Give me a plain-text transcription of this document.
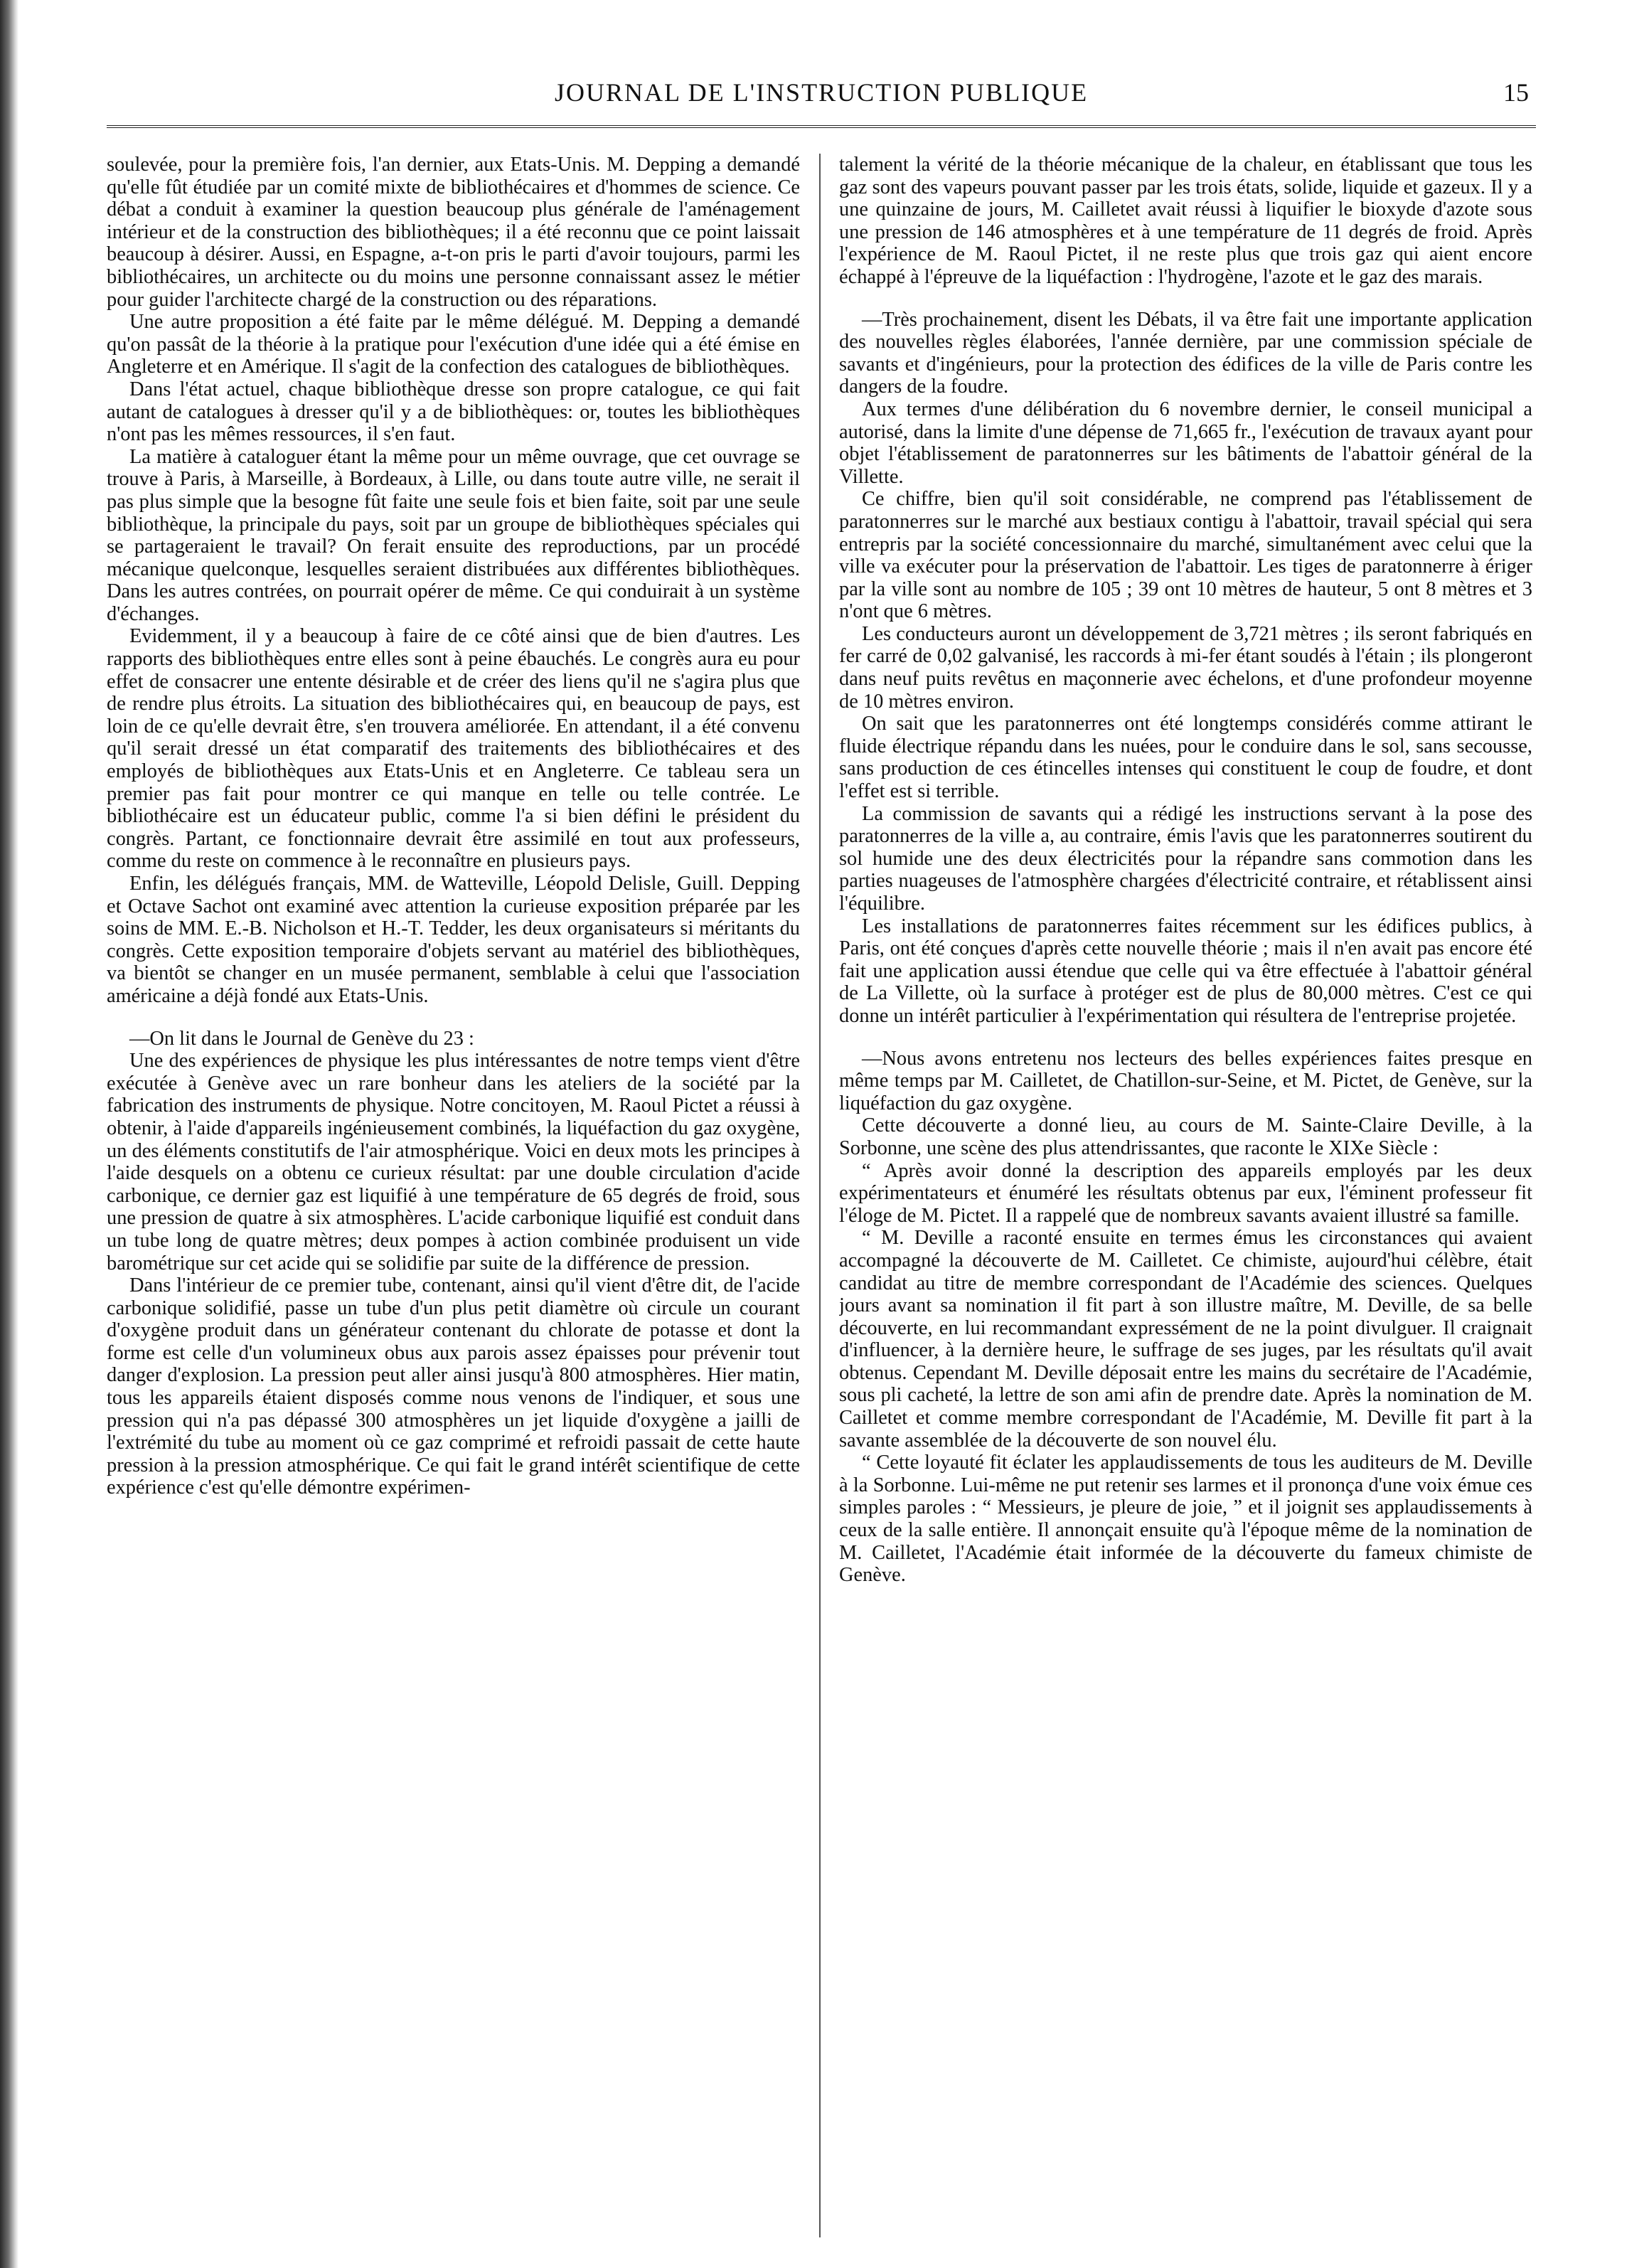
JOURNAL DE L'INSTRUCTION PUBLIQUE	15

soulevée, pour la première fois, l'an dernier, aux Etats-Unis. M. Depping a demandé qu'elle fût étudiée par un comité mixte de bibliothécaires et d'hommes de science. Ce débat a conduit à examiner la question beaucoup plus générale de l'aménagement intérieur et de la construction des bibliothèques; il a été reconnu que ce point laissait beaucoup à désirer. Aussi, en Espagne, a-t-on pris le parti d'avoir toujours, parmi les bibliothécaires, un architecte ou du moins une personne connaissant assez le métier pour guider l'architecte chargé de la construction ou des réparations.

Une autre proposition a été faite par le même délégué. M. Depping a demandé qu'on passât de la théorie à la pratique pour l'exécution d'une idée qui a été émise en Angleterre et en Amérique. Il s'agit de la confection des catalogues de bibliothèques.

Dans l'état actuel, chaque bibliothèque dresse son propre catalogue, ce qui fait autant de catalogues à dresser qu'il y a de bibliothèques: or, toutes les bibliothèques n'ont pas les mêmes ressources, il s'en faut.

La matière à cataloguer étant la même pour un même ouvrage, que cet ouvrage se trouve à Paris, à Marseille, à Bordeaux, à Lille, ou dans toute autre ville, ne serait il pas plus simple que la besogne fût faite une seule fois et bien faite, soit par une seule bibliothèque, la principale du pays, soit par un groupe de bibliothèques spéciales qui se partageraient le travail? On ferait ensuite des reproductions, par un procédé mécanique quelconque, lesquelles seraient distribuées aux différentes bibliothèques. Dans les autres contrées, on pourrait opérer de même. Ce qui conduirait à un système d'échanges.

Evidemment, il y a beaucoup à faire de ce côté ainsi que de bien d'autres. Les rapports des bibliothèques entre elles sont à peine ébauchés. Le congrès aura eu pour effet de consacrer une entente désirable et de créer des liens qu'il ne s'agira plus que de rendre plus étroits. La situation des bibliothécaires qui, en beaucoup de pays, est loin de ce qu'elle devrait être, s'en trouvera améliorée. En attendant, il a été convenu qu'il serait dressé un état comparatif des traitements des bibliothécaires et des employés de bibliothèques aux Etats-Unis et en Angleterre. Ce tableau sera un premier pas fait pour montrer ce qui manque en telle ou telle contrée. Le bibliothécaire est un éducateur public, comme l'a si bien défini le président du congrès. Partant, ce fonctionnaire devrait être assimilé en tout aux professeurs, comme du reste on commence à le reconnaître en plusieurs pays.

Enfin, les délégués français, MM. de Watteville, Léopold Delisle, Guill. Depping et Octave Sachot ont examiné avec attention la curieuse exposition préparée par les soins de MM. E.-B. Nicholson et H.-T. Tedder, les deux organisateurs si méritants du congrès. Cette exposition temporaire d'objets servant au matériel des bibliothèques, va bientôt se changer en un musée permanent, semblable à celui que l'association américaine a déjà fondé aux Etats-Unis.

—On lit dans le Journal de Genève du 23 :

Une des expériences de physique les plus intéressantes de notre temps vient d'être exécutée à Genève avec un rare bonheur dans les ateliers de la société par la fabrication des instruments de physique. Notre concitoyen, M. Raoul Pictet a réussi à obtenir, à l'aide d'appareils ingénieusement combinés, la liquéfaction du gaz oxygène, un des éléments constitutifs de l'air atmosphérique. Voici en deux mots les principes à l'aide desquels on a obtenu ce curieux résultat: par une double circulation d'acide carbonique, ce dernier gaz est liquifié à une température de 65 degrés de froid, sous une pression de quatre à six atmosphères. L'acide carbonique liquifié est conduit dans un tube long de quatre mètres; deux pompes à action combinée produisent un vide barométrique sur cet acide qui se solidifie par suite de la différence de pression.

Dans l'intérieur de ce premier tube, contenant, ainsi qu'il vient d'être dit, de l'acide carbonique solidifié, passe un tube d'un plus petit diamètre où circule un courant d'oxygène produit dans un générateur contenant du chlorate de potasse et dont la forme est celle d'un volumineux obus aux parois assez épaisses pour prévenir tout danger d'explosion. La pression peut aller ainsi jusqu'à 800 atmosphères. Hier matin, tous les appareils étaient disposés comme nous venons de l'indiquer, et sous une pression qui n'a pas dépassé 300 atmosphères un jet liquide d'oxygène a jailli de l'extrémité du tube au moment où ce gaz comprimé et refroidi passait de cette haute pression à la pression atmosphérique. Ce qui fait le grand intérêt scientifique de cette expérience c'est qu'elle démontre expérimen-

talement la vérité de la théorie mécanique de la chaleur, en établissant que tous les gaz sont des vapeurs pouvant passer par les trois états, solide, liquide et gazeux. Il y a une quinzaine de jours, M. Cailletet avait réussi à liquifier le bioxyde d'azote sous une pression de 146 atmosphères et à une température de 11 degrés de froid. Après l'expérience de M. Raoul Pictet, il ne reste plus que trois gaz qui aient encore échappé à l'épreuve de la liquéfaction : l'hydrogène, l'azote et le gaz des marais.

—Très prochainement, disent les Débats, il va être fait une importante application des nouvelles règles élaborées, l'année dernière, par une commission spéciale de savants et d'ingénieurs, pour la protection des édifices de la ville de Paris contre les dangers de la foudre.

Aux termes d'une délibération du 6 novembre dernier, le conseil municipal a autorisé, dans la limite d'une dépense de 71,665 fr., l'exécution de travaux ayant pour objet l'établissement de paratonnerres sur les bâtiments de l'abattoir général de la Villette.

Ce chiffre, bien qu'il soit considérable, ne comprend pas l'établissement de paratonnerres sur le marché aux bestiaux contigu à l'abattoir, travail spécial qui sera entrepris par la société concessionnaire du marché, simultanément avec celui que la ville va exécuter pour la préservation de l'abattoir. Les tiges de paratonnerre à ériger par la ville sont au nombre de 105 ; 39 ont 10 mètres de hauteur, 5 ont 8 mètres et 3 n'ont que 6 mètres.

Les conducteurs auront un développement de 3,721 mètres ; ils seront fabriqués en fer carré de 0,02 galvanisé, les raccords à mi-fer étant soudés à l'étain ; ils plongeront dans neuf puits revêtus en maçonnerie avec échelons, et d'une profondeur moyenne de 10 mètres environ.

On sait que les paratonnerres ont été longtemps considérés comme attirant le fluide électrique répandu dans les nuées, pour le conduire dans le sol, sans secousse, sans production de ces étincelles intenses qui constituent le coup de foudre, et dont l'effet est si terrible.

La commission de savants qui a rédigé les instructions servant à la pose des paratonnerres de la ville a, au contraire, émis l'avis que les paratonnerres soutirent du sol humide une des deux électricités pour la répandre sans commotion dans les parties nuageuses de l'atmosphère chargées d'électricité contraire, et rétablissent ainsi l'équilibre.

Les installations de paratonnerres faites récemment sur les édifices publics, à Paris, ont été conçues d'après cette nouvelle théorie ; mais il n'en avait pas encore été fait une application aussi étendue que celle qui va être effectuée à l'abattoir général de La Villette, où la surface à protéger est de plus de 80,000 mètres. C'est ce qui donne un intérêt particulier à l'expérimentation qui résultera de l'entreprise projetée.

—Nous avons entretenu nos lecteurs des belles expériences faites presque en même temps par M. Cailletet, de Chatillon-sur-Seine, et M. Pictet, de Genève, sur la liquéfaction du gaz oxygène.

Cette découverte a donné lieu, au cours de M. Sainte-Claire Deville, à la Sorbonne, une scène des plus attendrissantes, que raconte le XIXe Siècle :

“ Après avoir donné la description des appareils employés par les deux expérimentateurs et énuméré les résultats obtenus par eux, l'éminent professeur fit l'éloge de M. Pictet. Il a rappelé que de nombreux savants avaient illustré sa famille.

“ M. Deville a raconté ensuite en termes émus les circonstances qui avaient accompagné la découverte de M. Cailletet. Ce chimiste, aujourd'hui célèbre, était candidat au titre de membre correspondant de l'Académie des sciences. Quelques jours avant sa nomination il fit part à son illustre maître, M. Deville, de sa belle découverte, en lui recommandant expressément de ne la point divulguer. Il craignait d'influencer, à la dernière heure, le suffrage de ses juges, par les résultats qu'il avait obtenus. Cependant M. Deville déposait entre les mains du secrétaire de l'Académie, sous pli cacheté, la lettre de son ami afin de prendre date. Après la nomination de M. Cailletet et comme membre correspondant de l'Académie, M. Deville fit part à la savante assemblée de la découverte de son nouvel élu.

“ Cette loyauté fit éclater les applaudissements de tous les auditeurs de M. Deville à la Sorbonne. Lui-même ne put retenir ses larmes et il prononça d'une voix émue ces simples paroles : “ Messieurs, je pleure de joie, ” et il joignit ses applaudissements à ceux de la salle entière. Il annonçait ensuite qu'à l'époque même de la nomination de M. Cailletet, l'Académie était informée de la découverte du fameux chimiste de Genève.
